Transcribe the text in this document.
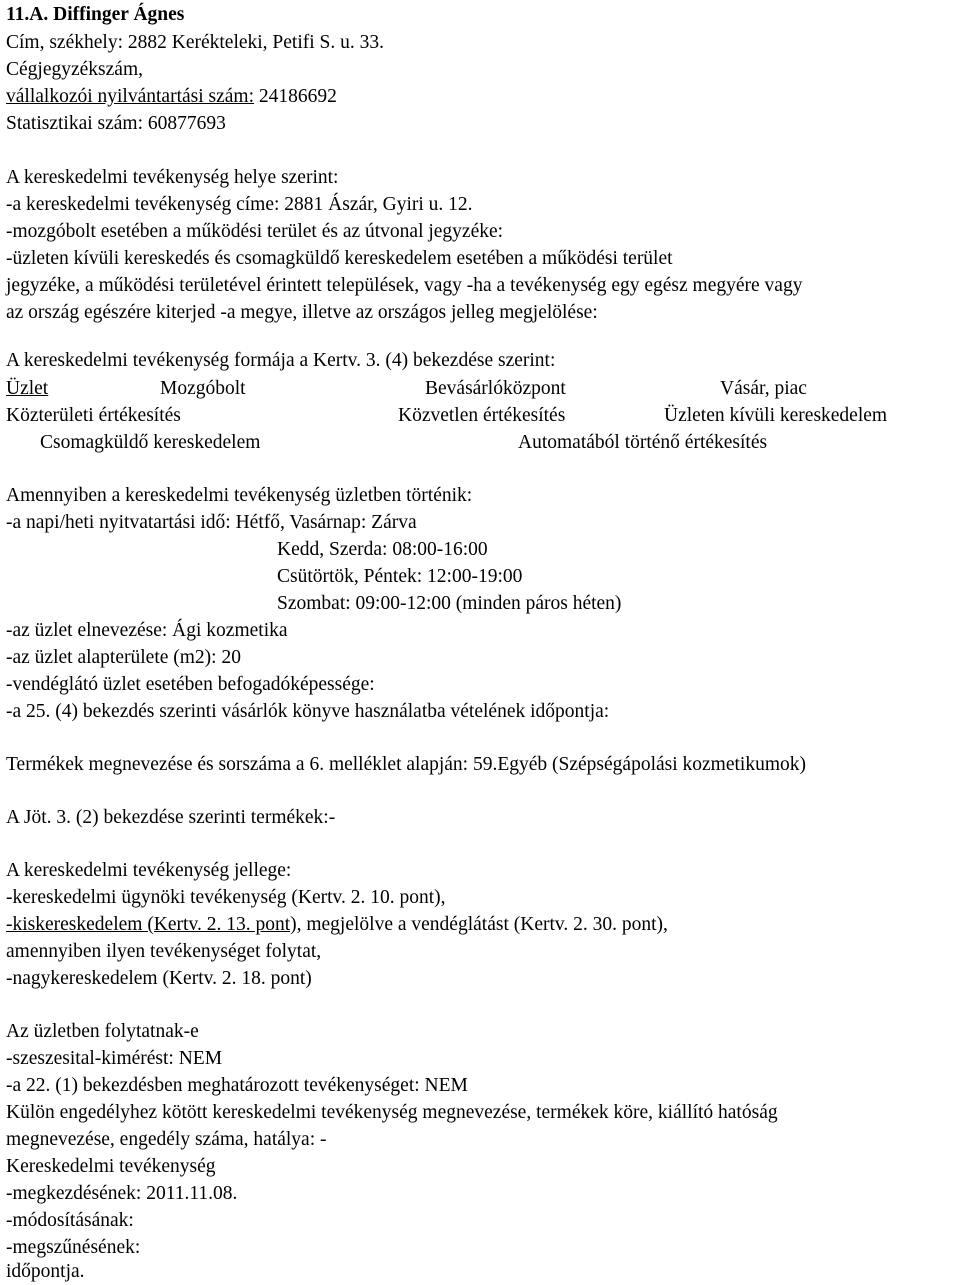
11.A. Diffinger Ágnes
Cím, székhely: 2882 Kerékteleki, Petifi S. u. 33.
Cégjegyzékszám,
vállalkozói nyilvántartási szám: 24186692
Statisztikai szám: 60877693
A kereskedelmi tevékenység helye szerint:
-a kereskedelmi tevékenység címe: 2881 Ászár, Gyiri u. 12.
-mozgóbolt esetében a működési terület és az útvonal jegyzéke:
-üzleten kívüli kereskedés és csomagküldő kereskedelem esetében a működési terület
jegyzéke, a működési területével érintett települések, vagy -ha a tevékenység egy egész megyére vagy
az ország egészére kiterjed -a megye, illetve az országos jelleg megjelölése:
A kereskedelmi tevékenység formája a Kertv. 3. (4) bekezdése szerint:
Üzlet	Mozgóbolt	Bevásárlóközpont	Vásár, piac
Közterületi értékesítés	Közvetlen értékesítés	Üzleten kívüli kereskedelem
Csomagküldő kereskedelem	Automatából történő értékesítés
Amennyiben a kereskedelmi tevékenység üzletben történik:
-a napi/heti nyitvatartási idő: Hétfő, Vasárnap: Zárva
Kedd, Szerda: 08:00-16:00
Csütörtök, Péntek: 12:00-19:00
Szombat: 09:00-12:00 (minden páros héten)
-az üzlet elnevezése: Ági kozmetika
-az üzlet alapterülete (m2): 20
-vendéglátó üzlet esetében befogadóképessége:
-a 25. (4) bekezdés szerinti vásárlók könyve használatba vételének időpontja:
Termékek megnevezése és sorszáma a 6. melléklet alapján: 59.Egyéb (Szépségápolási kozmetikumok)
A Jöt. 3. (2) bekezdése szerinti termékek:-
A kereskedelmi tevékenység jellege:
-kereskedelmi ügynöki tevékenység (Kertv. 2. 10. pont),
-kiskereskedelem (Kertv. 2. 13. pont), megjelölve a vendéglátást (Kertv. 2. 30. pont),
amennyiben ilyen tevékenységet folytat,
-nagykereskedelem (Kertv. 2. 18. pont)
Az üzletben folytatnak-e
-szeszesital-kimérést: NEM
-a 22. (1) bekezdésben meghatározott tevékenységet: NEM
Külön engedélyhez kötött kereskedelmi tevékenység megnevezése, termékek köre, kiállító hatóság
megnevezése, engedély száma, hatálya: -
Kereskedelmi tevékenység
-megkezdésének: 2011.11.08.
-módosításának:
-megszűnésének:
időpontja.
